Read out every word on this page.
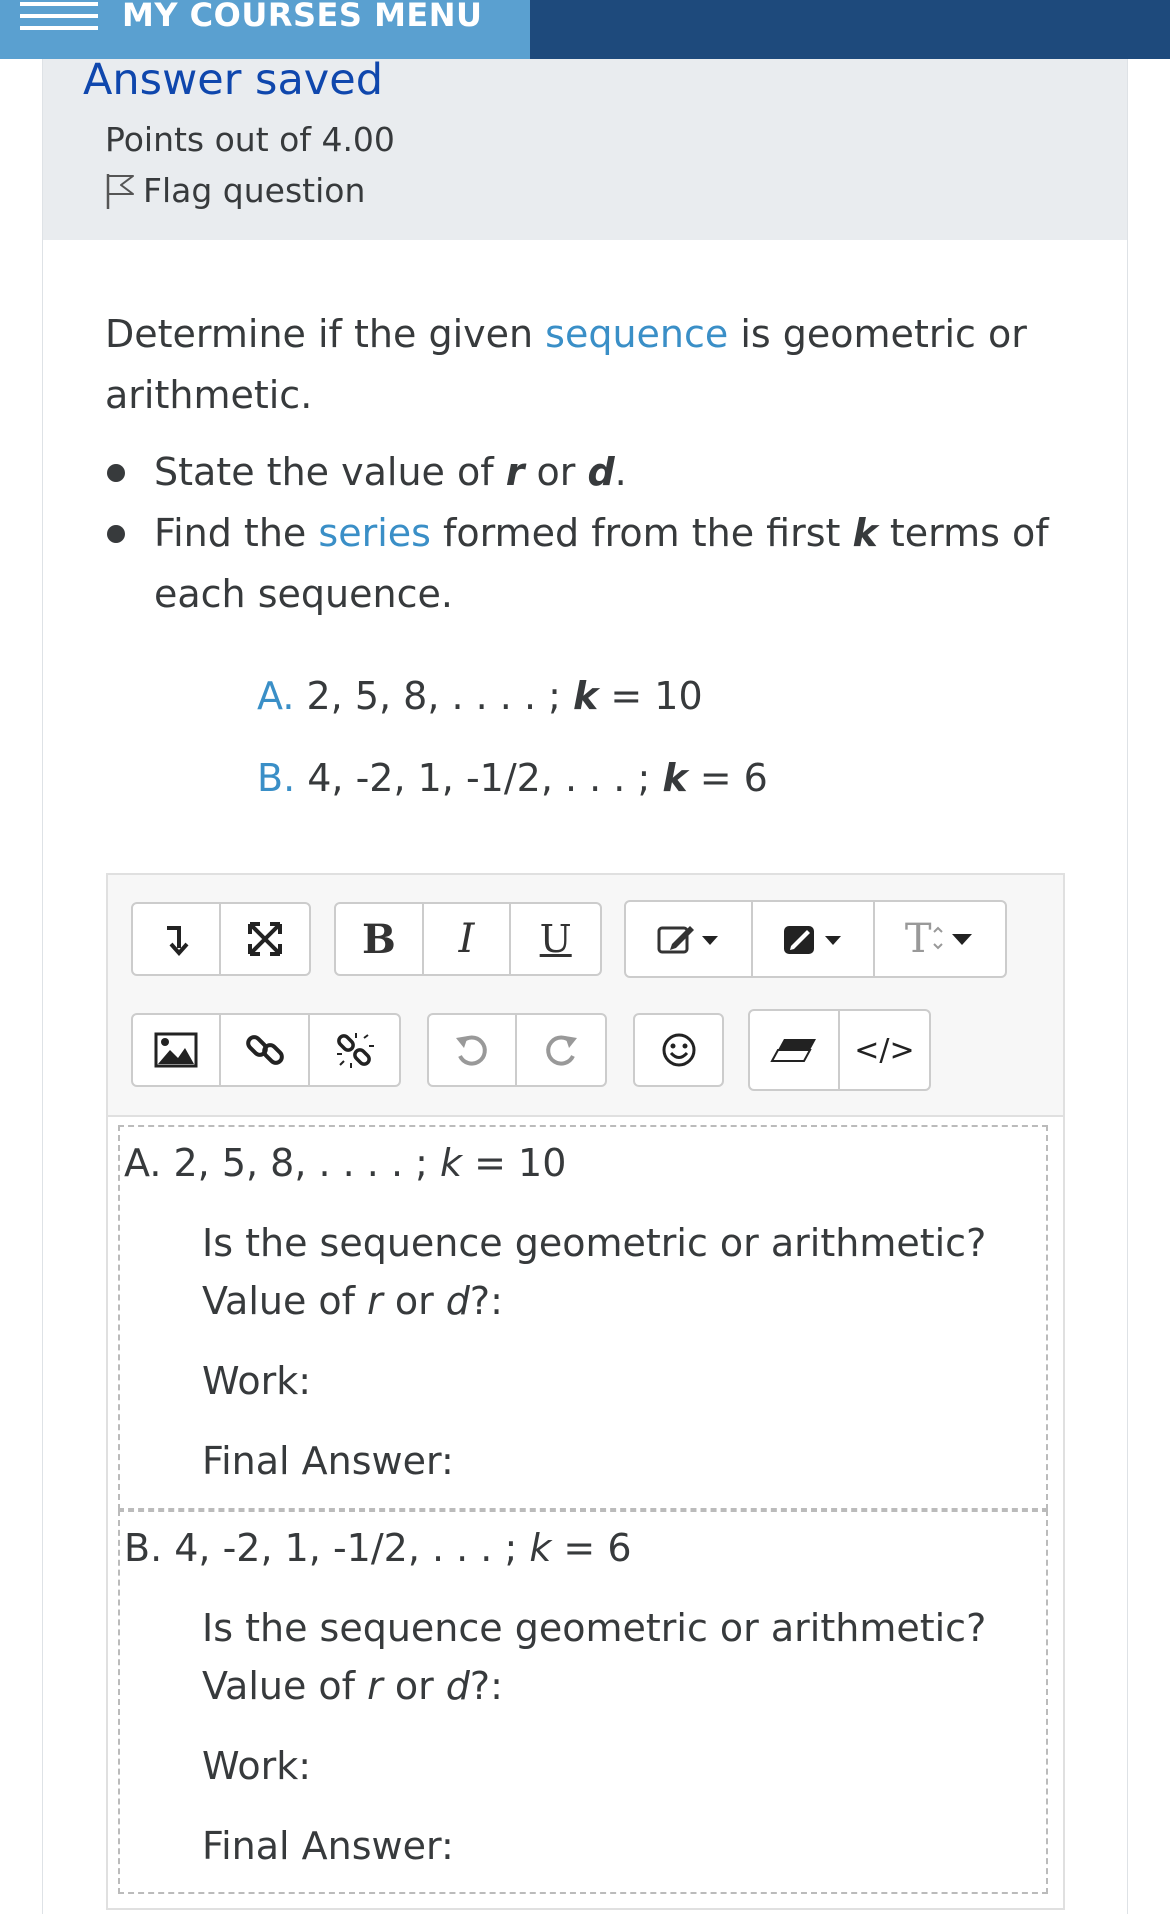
MY COURSES MENU
Answer saved
Points out of 4.00
Flag question
Determine if the given sequence is geometric or arithmetic.
State the value of r or d.
Find the series formed from the first k terms of each sequence.
A. 2, 5, 8, . . . . ; k = 10
B. 4, -2, 1, -1/2, . . . ; k = 6
B	I	U	T
</>
A. 2, 5, 8, . . . . ; k = 10
Is the sequence geometric or arithmetic?
Value of r or d?:
Work:
Final Answer:
B. 4, -2, 1, -1/2, . . . ; k = 6
Is the sequence geometric or arithmetic?
Value of r or d?:
Work:
Final Answer:
